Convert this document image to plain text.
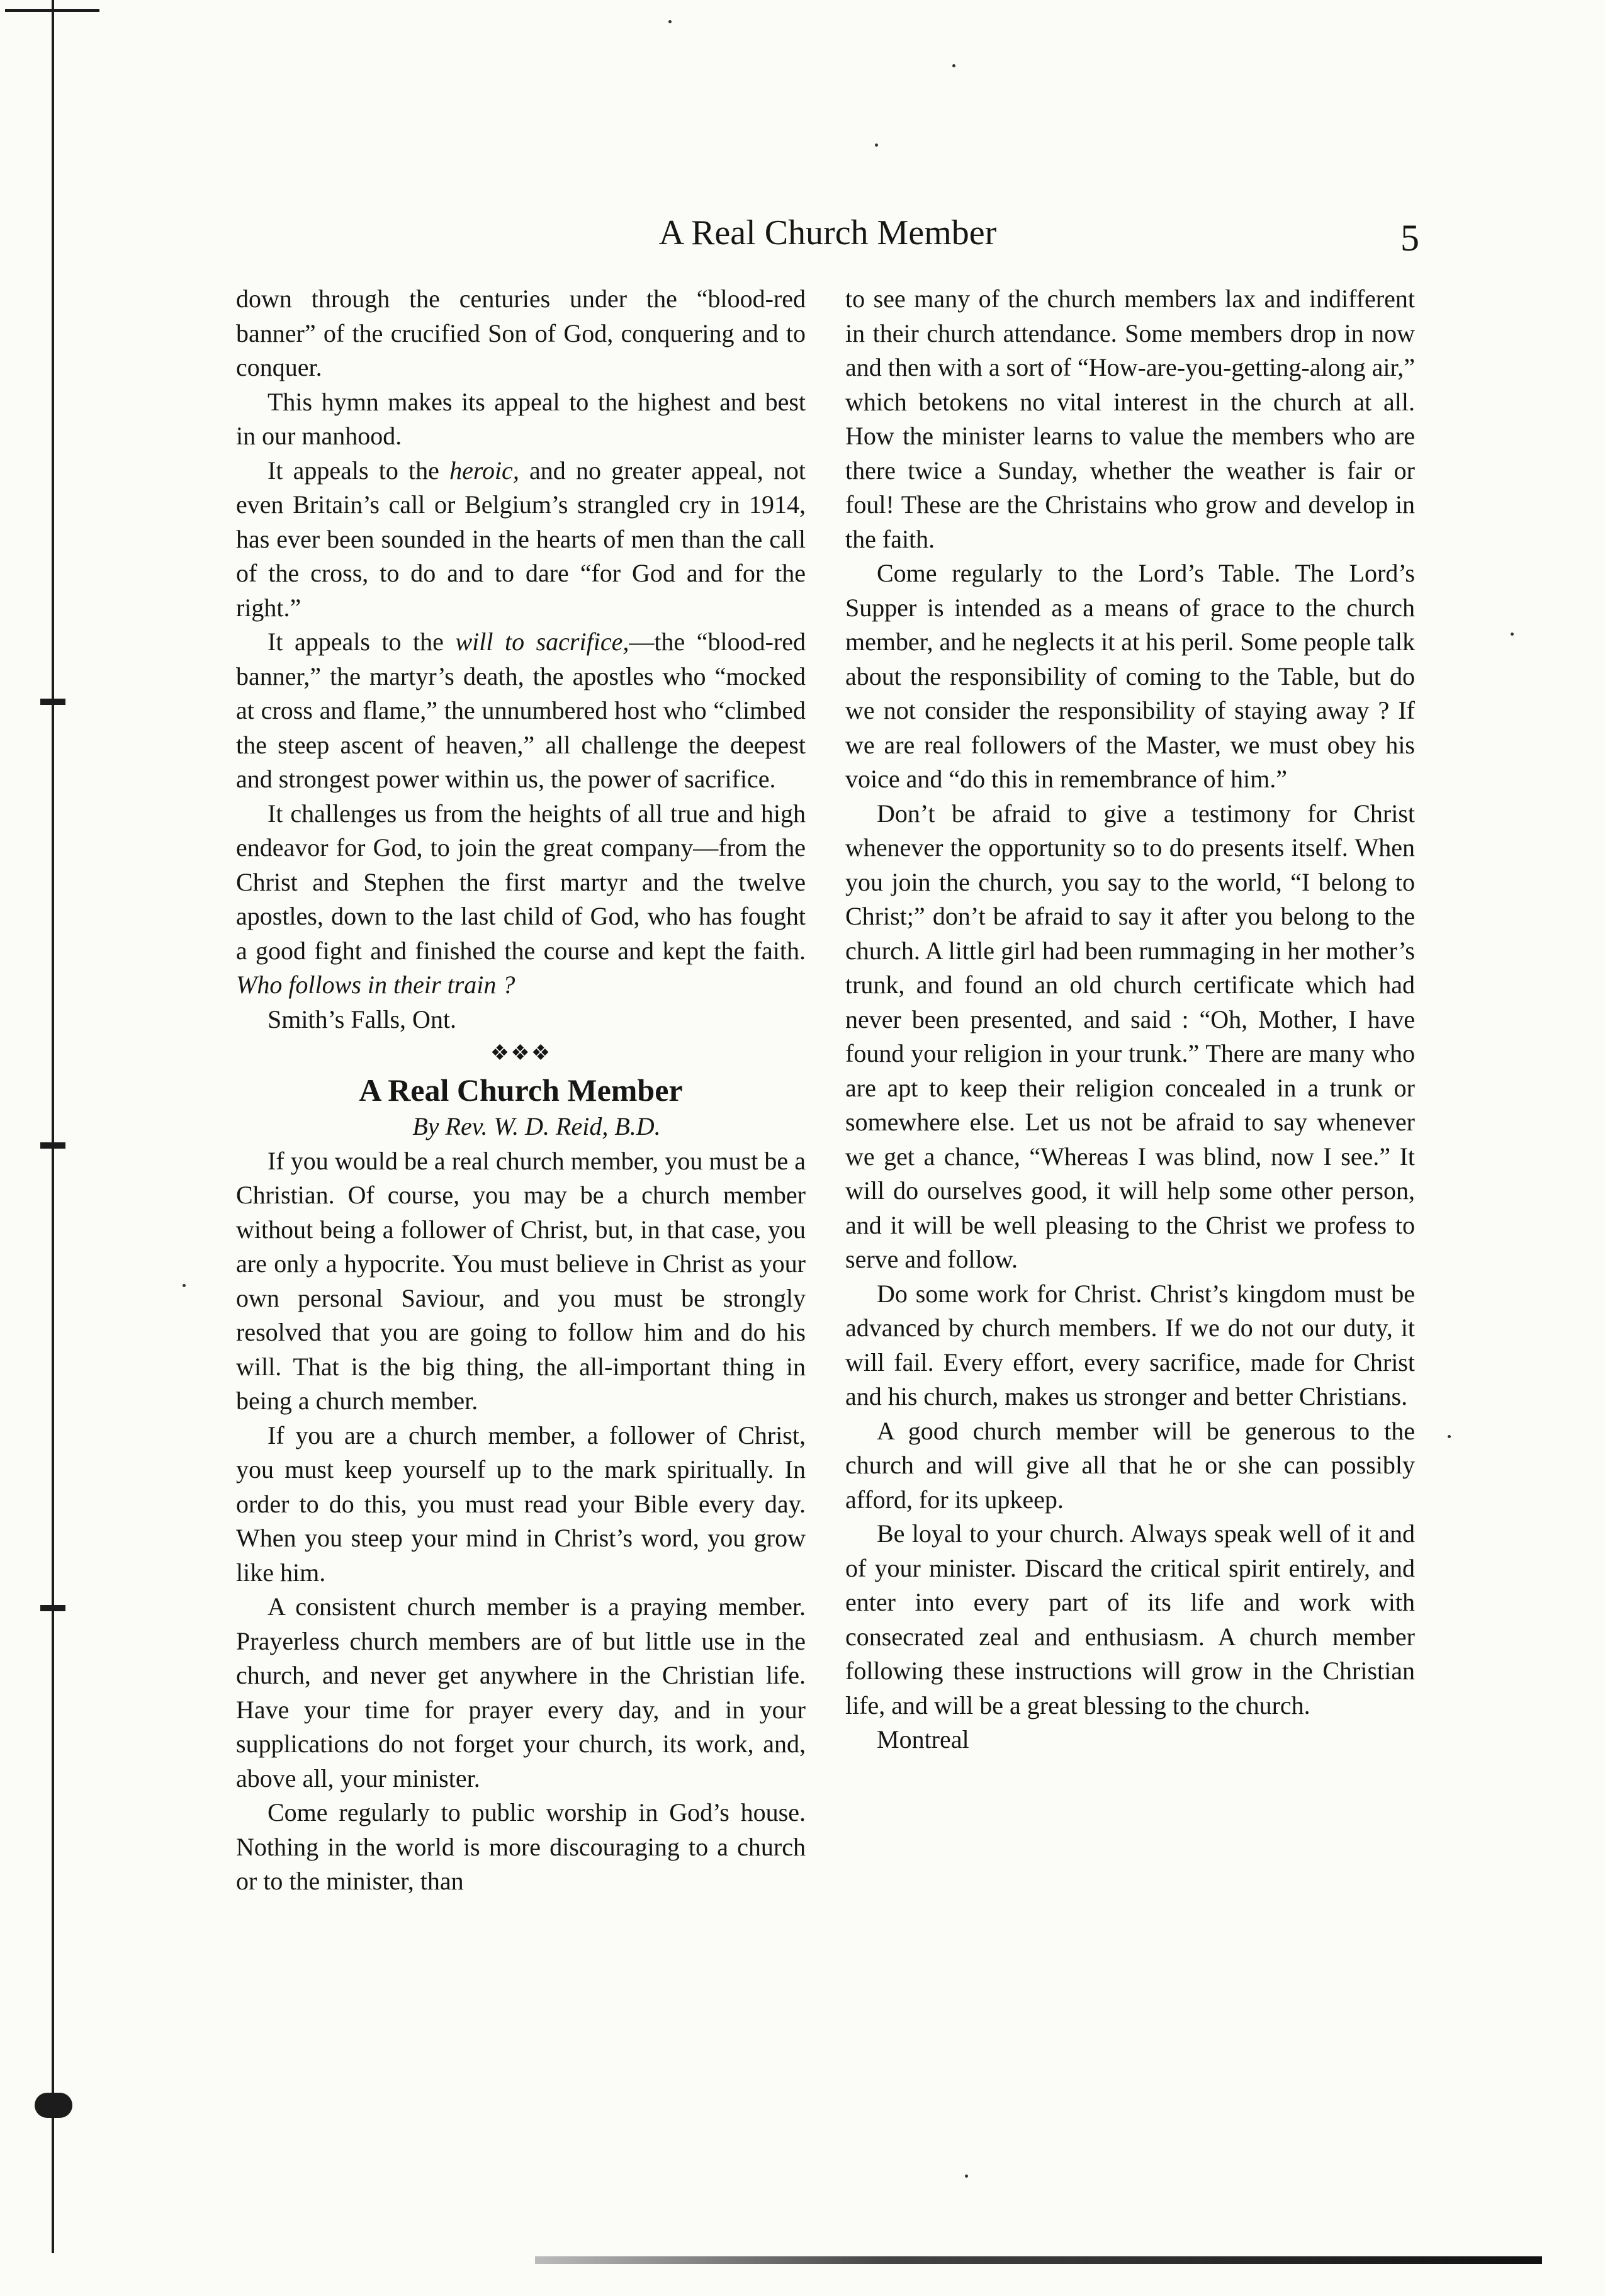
A Real Church Member	5

down through the centuries under the “blood-red banner” of the crucified Son of God, conquering and to conquer.

This hymn makes its appeal to the highest and best in our manhood.

It appeals to the heroic, and no greater appeal, not even Britain’s call or Belgium’s strangled cry in 1914, has ever been sounded in the hearts of men than the call of the cross, to do and to dare “for God and for the right.”

It appeals to the will to sacrifice,—the “blood-red banner,” the martyr’s death, the apostles who “mocked at cross and flame,” the unnumbered host who “climbed the steep ascent of heaven,” all challenge the deepest and strongest power within us, the power of sacrifice.

It challenges us from the heights of all true and high endeavor for God, to join the great company—from the Christ and Stephen the first martyr and the twelve apostles, down to the last child of God, who has fought a good fight and finished the course and kept the faith. Who follows in their train ?

Smith’s Falls, Ont.

❖❖❖
A Real Church Member

By Rev. W. D. Reid, B.D.

If you would be a real church member, you must be a Christian. Of course, you may be a church member without being a follower of Christ, but, in that case, you are only a hypocrite. You must believe in Christ as your own personal Saviour, and you must be strongly resolved that you are going to follow him and do his will. That is the big thing, the all-important thing in being a church member.

If you are a church member, a follower of Christ, you must keep yourself up to the mark spiritually. In order to do this, you must read your Bible every day. When you steep your mind in Christ’s word, you grow like him.

A consistent church member is a praying member. Prayerless church members are of but little use in the church, and never get anywhere in the Christian life. Have your time for prayer every day, and in your supplications do not forget your church, its work, and, above all, your minister.

Come regularly to public worship in God’s house. Nothing in the world is more discouraging to a church or to the minister, than

to see many of the church members lax and indifferent in their church attendance. Some members drop in now and then with a sort of “How-are-you-getting-along air,” which betokens no vital interest in the church at all. How the minister learns to value the members who are there twice a Sunday, whether the weather is fair or foul! These are the Christains who grow and develop in the faith.

Come regularly to the Lord’s Table. The Lord’s Supper is intended as a means of grace to the church member, and he neglects it at his peril. Some people talk about the responsibility of coming to the Table, but do we not consider the responsibility of staying away ? If we are real followers of the Master, we must obey his voice and “do this in remembrance of him.”

Don’t be afraid to give a testimony for Christ whenever the opportunity so to do presents itself. When you join the church, you say to the world, “I belong to Christ;” don’t be afraid to say it after you belong to the church. A little girl had been rummaging in her mother’s trunk, and found an old church certificate which had never been presented, and said : “Oh, Mother, I have found your religion in your trunk.” There are many who are apt to keep their religion concealed in a trunk or somewhere else. Let us not be afraid to say whenever we get a chance, “Whereas I was blind, now I see.” It will do ourselves good, it will help some other person, and it will be well pleasing to the Christ we profess to serve and follow.

Do some work for Christ. Christ’s kingdom must be advanced by church members. If we do not our duty, it will fail. Every effort, every sacrifice, made for Christ and his church, makes us stronger and better Christians.

A good church member will be generous to the church and will give all that he or she can possibly afford, for its upkeep.

Be loyal to your church. Always speak well of it and of your minister. Discard the critical spirit entirely, and enter into every part of its life and work with consecrated zeal and enthusiasm. A church member following these instructions will grow in the Christian life, and will be a great blessing to the church.

Montreal
